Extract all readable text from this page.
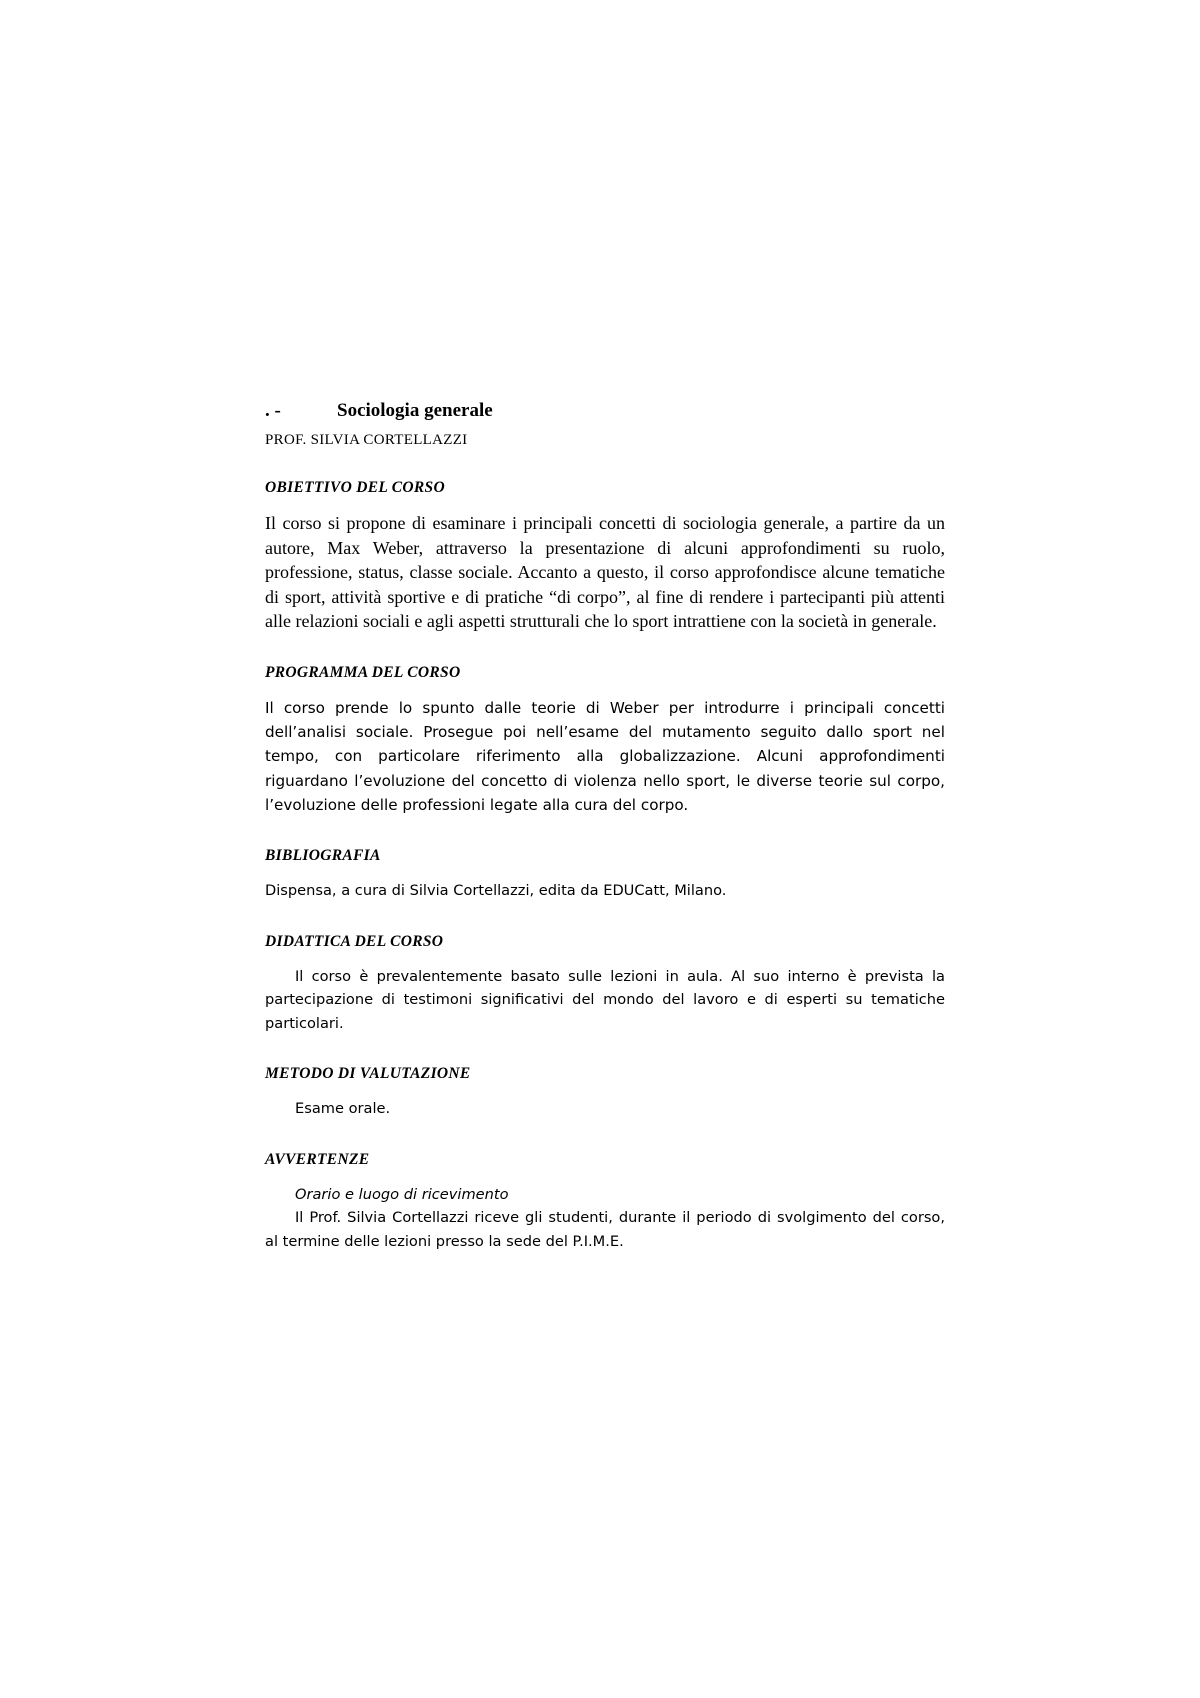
. -	Sociologia generale
PROF. SILVIA CORTELLAZZI
OBIETTIVO DEL CORSO
Il corso si propone di esaminare i principali concetti di sociologia generale, a partire da un autore, Max Weber, attraverso la presentazione di alcuni approfondimenti su ruolo, professione, status, classe sociale. Accanto a questo, il corso approfondisce alcune tematiche di sport, attività sportive e di pratiche “di corpo”, al fine di rendere i partecipanti più attenti alle relazioni sociali e agli aspetti strutturali che lo sport intrattiene con la società in generale.
PROGRAMMA DEL CORSO
Il corso prende lo spunto dalle teorie di Weber per introdurre i principali concetti dell’analisi sociale. Prosegue poi nell’esame del mutamento seguito dallo sport nel tempo, con particolare riferimento alla globalizzazione. Alcuni approfondimenti riguardano l’evoluzione del concetto di violenza nello sport, le diverse teorie sul corpo, l’evoluzione delle professioni legate alla cura del corpo.
BIBLIOGRAFIA
Dispensa, a cura di Silvia Cortellazzi, edita da EDUCatt, Milano.
DIDATTICA DEL CORSO
Il corso è prevalentemente basato sulle lezioni in aula. Al suo interno è prevista la partecipazione di testimoni significativi del mondo del lavoro e di esperti su tematiche particolari.
METODO DI VALUTAZIONE
Esame orale.
AVVERTENZE
Orario e luogo di ricevimento
Il Prof. Silvia Cortellazzi riceve gli studenti, durante il periodo di svolgimento del corso, al termine delle lezioni presso la sede del P.I.M.E.
